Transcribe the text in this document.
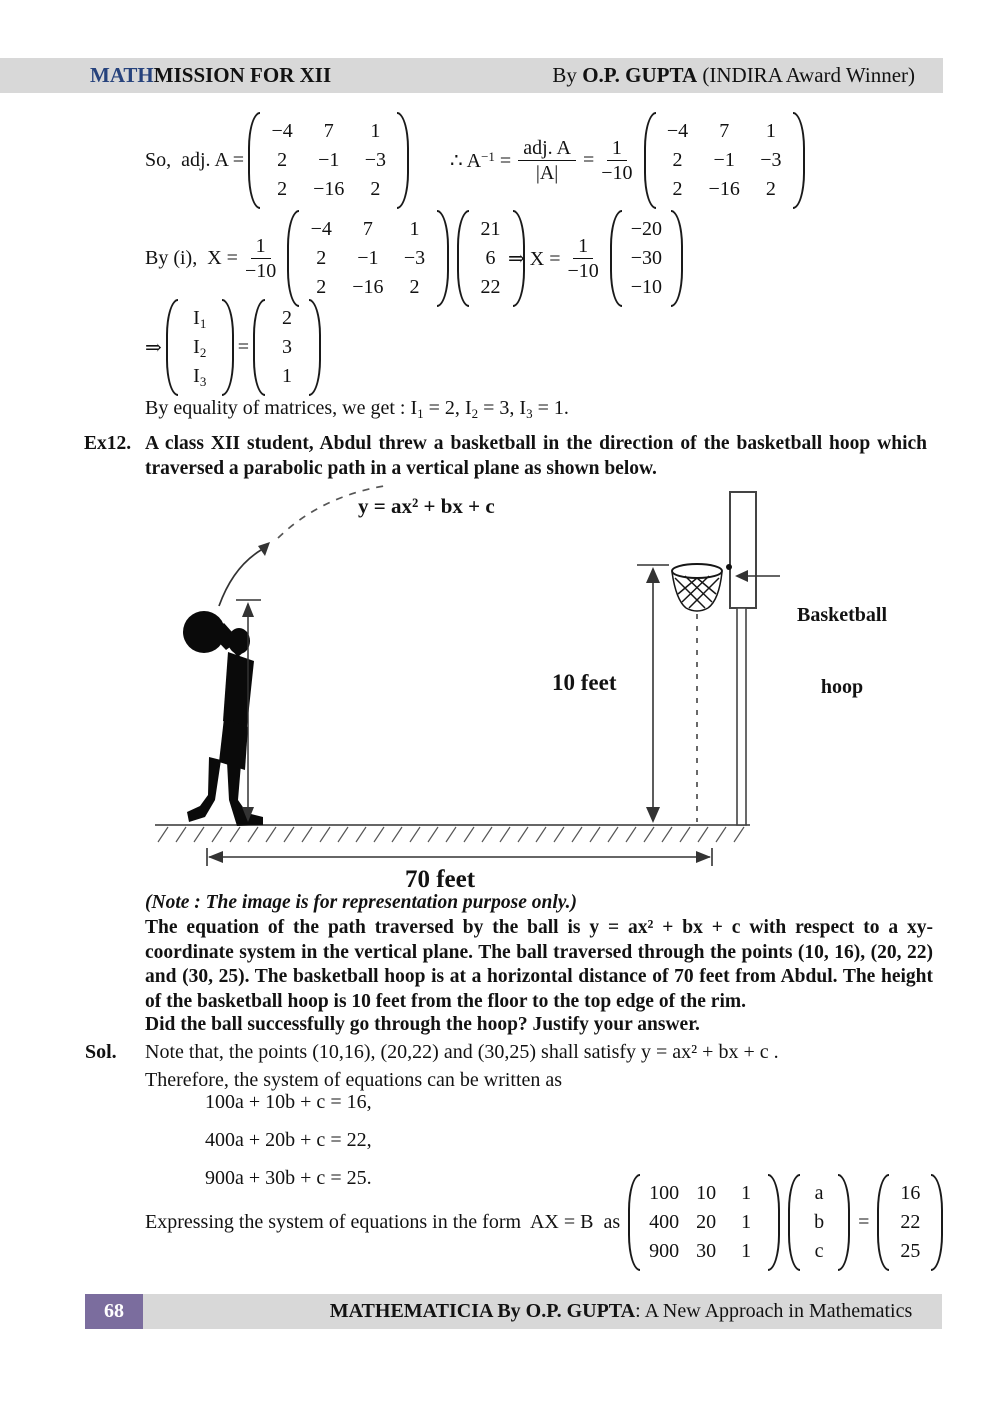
MATHMISSION FOR XII	By O.P. GUPTA (INDIRA Award Winner)
So,  adj. A =
−4	7	1
2	−1 −3
2	−16	2
∴ $A^{-1} = \frac{\text{adj. A}}{|A|} = \frac{1}{-10}$
−4	7	1
2	−1 −3
2	−16	2
By (i),  $X = \frac{1}{-10}$
−4	7	1
2	−1 −3
2	−16	2
21
6
22
⇒ $X = \frac{1}{-10}$
−20
−30
−10
⇒
$I_1$
$I_2$
$I_3$
=
2
3
1
By equality of matrices, we get : $I_1 = 2$, $I_2 = 3$, $I_3 = 1$.
Ex12. A class XII student, Abdul threw a basketball in the direction of the basketball hoop which traversed a parabolic path in a vertical plane as shown below.
y = ax² + bx + c

Basketball

hoop

10 feet
70 feet
(Note : The image is for representation purpose only.)
The equation of the path traversed by the ball is y = ax² + bx + c with respect to a xy-coordinate system in the vertical plane. The ball traversed through the points (10, 16), (20, 22) and (30, 25). The basketball hoop is at a horizontal distance of 70 feet from Abdul. The height of the basketball hoop is 10 feet from the floor to the top edge of the rim.
Did the ball successfully go through the hoop? Justify your answer.
Sol. Note that, the points (10,16), (20,22) and (30,25) shall satisfy y = ax² + bx + c .
Therefore, the system of equations can be written as
100a + 10b + c = 16,
400a + 20b + c = 22,
900a + 30b + c = 25.
Expressing the system of equations in the form  AX = B  as
100 10	1
400 20	1
900 30	1
a
b
c
=
16
22
25
68	MATHEMATICIA By O.P. GUPTA : A New Approach in Mathematics
